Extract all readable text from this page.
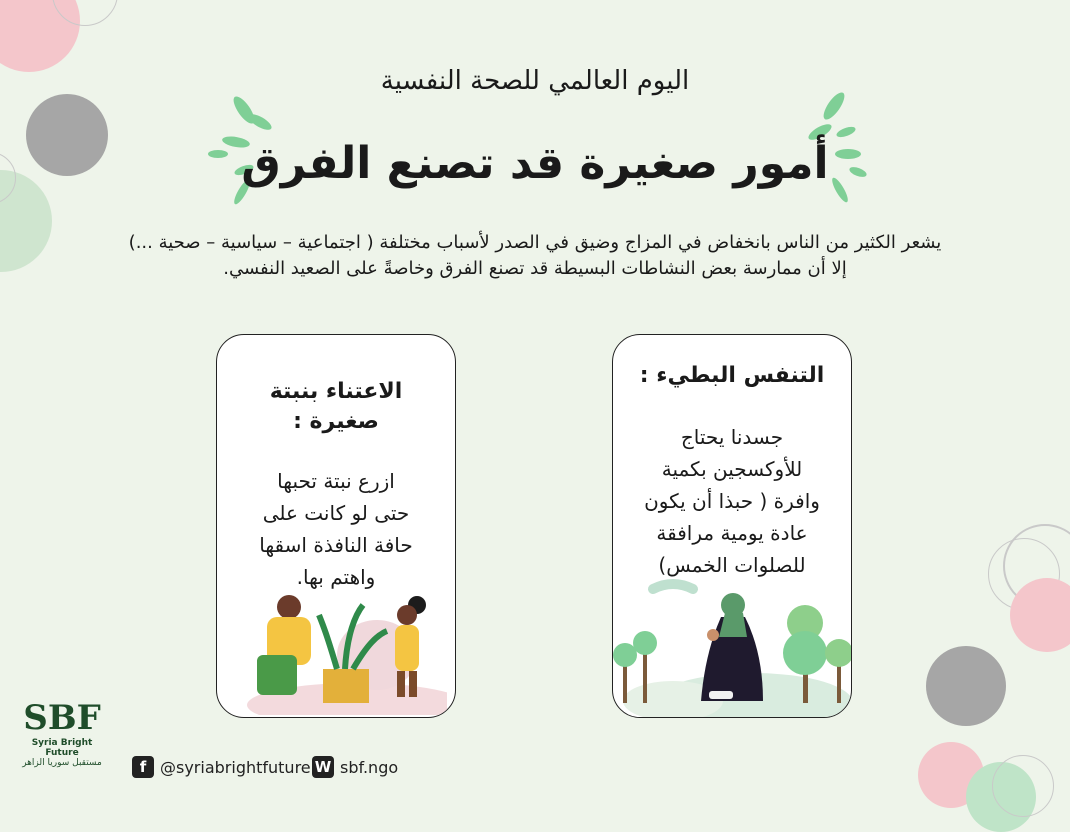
اليوم العالمي للصحة النفسية
أمور صغيرة قد تصنع الفرق
يشعر الكثير من الناس بانخفاض في المزاج وضيق في الصدر لأسباب مختلفة ( اجتماعية – سياسية – صحية ...)
إلا أن ممارسة بعض النشاطات البسيطة قد تصنع الفرق وخاصةً على الصعيد النفسي.
الاعتناء بنبتة
صغيرة :
ازرع نبتة تحبها
حتى لو كانت على
حافة النافذة اسقها
واهتم بها.
التنفس البطيء :
جسدنا يحتاج
للأوكسجين بكمية
وافرة ( حبذا أن يكون
عادة يومية مرافقة
للصلوات الخمس)
SBF
Syria Bright Future
مستقبل سوريا الزاهر	f @syriabrightfuture W sbf.ngo
